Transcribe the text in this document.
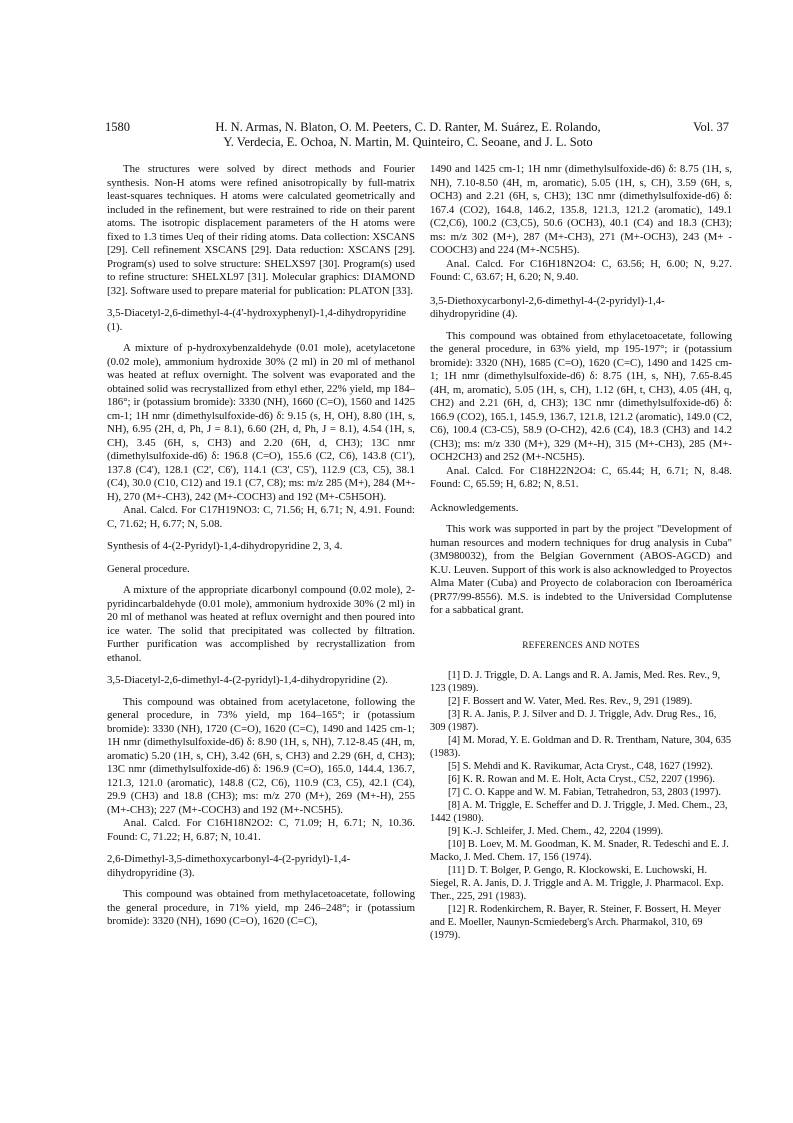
1580	H. N. Armas, N. Blaton, O. M. Peeters, C. D. Ranter, M. Suárez, E. Rolando,
Y. Verdecia, E. Ochoa, N. Martin, M. Quinteiro, C. Seoane, and J. L. Soto
Vol. 37

The structures were solved by direct methods and Fourier synthesis. Non-H atoms were refined anisotropically by full-matrix least-squares techniques. H atoms were calculated geometrically and included in the refinement, but were restrained to ride on their parent atoms. The isotropic displacement parameters of the H atoms were fixed to 1.3 times Ueq of their riding atoms. Data collection: XSCANS [29]. Cell refinement XSCANS [29]. Data reduction: XSCANS [29]. Program(s) used to solve structure: SHELXS97 [30]. Program(s) used to refine structure: SHELXL97 [31]. Molecular graphics: DIAMOND [32]. Software used to prepare material for publication: PLATON [33].

3,5-Diacetyl-2,6-dimethyl-4-(4'-hydroxyphenyl)-1,4-dihydropyridine (1).

A mixture of p-hydroxybenzaldehyde (0.01 mole), acetylacetone (0.02 mole), ammonium hydroxide 30% (2 ml) in 20 ml of methanol was heated at reflux overnight. The solvent was evaporated and the obtained solid was recrystallized from ethyl ether, 22% yield, mp 184–186°; ir (potassium bromide): 3330 (NH), 1660 (C=O), 1560 and 1425 cm-1; 1H nmr (dimethylsulfoxide-d6) δ: 9.15 (s, H, OH), 8.80 (1H, s, NH), 6.95 (2H, d, Ph, J = 8.1), 6.60 (2H, d, Ph, J = 8.1), 4.54 (1H, s, CH), 3.45 (6H, s, CH3) and 2.20 (6H, d, CH3); 13C nmr (dimethylsulfoxide-d6) δ: 196.8 (C=O), 155.6 (C2, C6), 143.8 (C1'), 137.8 (C4'), 128.1 (C2', C6'), 114.1 (C3', C5'), 112.9 (C3, C5), 38.1 (C4), 30.0 (C10, C12) and 19.1 (C7, C8); ms: m/z 285 (M+), 284 (M+-H), 270 (M+-CH3), 242 (M+-COCH3) and 192 (M+-C5H5OH).

Anal. Calcd. For C17H19NO3: C, 71.56; H, 6.71; N, 4.91. Found: C, 71.62; H, 6.77; N, 5.08.

Synthesis of 4-(2-Pyridyl)-1,4-dihydropyridine 2, 3, 4.

General procedure.

A mixture of the appropriate dicarbonyl compound (0.02 mole), 2-pyridincarbaldehyde (0.01 mole), ammonium hydroxide 30% (2 ml) in 20 ml of methanol was heated at reflux overnight and then poured into ice water. The solid that precipitated was collected by filtration. Further purification was accomplished by recrystallization from ethanol.

3,5-Diacetyl-2,6-dimethyl-4-(2-pyridyl)-1,4-dihydropyridine (2).

This compound was obtained from acetylacetone, following the general procedure, in 73% yield, mp 164–165°; ir (potassium bromide): 3330 (NH), 1720 (C=O), 1620 (C=C), 1490 and 1425 cm-1; 1H nmr (dimethylsulfoxide-d6) δ: 8.90 (1H, s, NH), 7.12-8.45 (4H, m, aromatic) 5.20 (1H, s, CH), 3.42 (6H, s, CH3) and 2.29 (6H, d, CH3); 13C nmr (dimethylsulfoxide-d6) δ: 196.9 (C=O), 165.0, 144.4, 136.7, 121.3, 121.0 (aromatic), 148.8 (C2, C6), 110.9 (C3, C5), 42.1 (C4), 29.9 (CH3) and 18.8 (CH3); ms: m/z 270 (M+), 269 (M+-H), 255 (M+-CH3); 227 (M+-COCH3) and 192 (M+-NC5H5).

Anal. Calcd. For C16H18N2O2: C, 71.09; H, 6.71; N, 10.36. Found: C, 71.22; H, 6.87; N, 10.41.

2,6-Dimethyl-3,5-dimethoxycarbonyl-4-(2-pyridyl)-1,4-dihydropyridine (3).

This compound was obtained from methylacetoacetate, following the general procedure, in 71% yield, mp 246–248°; ir (potassium bromide): 3320 (NH), 1690 (C=O), 1620 (C=C),

1490 and 1425 cm-1; 1H nmr (dimethylsulfoxide-d6) δ: 8.75 (1H, s, NH), 7.10-8.50 (4H, m, aromatic), 5.05 (1H, s, CH), 3.59 (6H, s, OCH3) and 2.21 (6H, s, CH3); 13C nmr (dimethylsulfoxide-d6) δ: 167.4 (CO2), 164.8, 146.2, 135.8, 121.3, 121.2 (aromatic), 149.1 (C2,C6), 100.2 (C3,C5), 50.6 (OCH3), 40.1 (C4) and 18.3 (CH3); ms: m/z 302 (M+), 287 (M+-CH3), 271 (M+-OCH3), 243 (M+ - COOCH3) and 224 (M+-NC5H5).

Anal. Calcd. For C16H18N2O4: C, 63.56; H, 6.00; N, 9.27. Found: C, 63.67; H, 6.20; N, 9.40.

3,5-Diethoxycarbonyl-2,6-dimethyl-4-(2-pyridyl)-1,4-dihydropyridine (4).

This compound was obtained from ethylacetoacetate, following the general procedure, in 63% yield, mp 195-197°; ir (potassium bromide): 3320 (NH), 1685 (C=O), 1620 (C=C), 1490 and 1425 cm-1; 1H nmr (dimethylsulfoxide-d6) δ: 8.75 (1H, s, NH), 7.65-8.45 (4H, m, aromatic), 5.05 (1H, s, CH), 1.12 (6H, t, CH3), 4.05 (4H, q, CH2) and 2.21 (6H, d, CH3); 13C nmr (dimethylsulfoxide-d6) δ: 166.9 (CO2), 165.1, 145.9, 136.7, 121.8, 121.2 (aromatic), 149.0 (C2, C6), 100.4 (C3-C5), 58.9 (O-CH2), 42.6 (C4), 18.3 (CH3) and 14.2 (CH3); ms: m/z 330 (M+), 329 (M+-H), 315 (M+-CH3), 285 (M+-OCH2CH3) and 252 (M+-NC5H5).

Anal. Calcd. For C18H22N2O4: C, 65.44; H, 6.71; N, 8.48. Found: C, 65.59; H, 6.82; N, 8.51.

Acknowledgements.

This work was supported in part by the project "Development of human resources and modern techniques for drug analysis in Cuba" (3M980032), from the Belgian Government (ABOS-AGCD) and K.U. Leuven. Support of this work is also acknowledged to Proyectos Alma Mater (Cuba) and Proyecto de colaboracion con Iberoamérica (PR77/99-8556). M.S. is indebted to the Universidad Complutense for a sabbatical grant.

REFERENCES AND NOTES

[1] D. J. Triggle, D. A. Langs and R. A. Jamis, Med. Res. Rev., 9, 123 (1989).

[2] F. Bossert and W. Vater, Med. Res. Rev., 9, 291 (1989).

[3] R. A. Janis, P. J. Silver and D. J. Triggle, Adv. Drug Res., 16, 309 (1987).

[4] M. Morad, Y. E. Goldman and D. R. Trentham, Nature, 304, 635 (1983).

[5] S. Mehdi and K. Ravikumar, Acta Cryst., C48, 1627 (1992).

[6] K. R. Rowan and M. E. Holt, Acta Cryst., C52, 2207 (1996).

[7] C. O. Kappe and W. M. Fabian, Tetrahedron, 53, 2803 (1997).

[8] A. M. Triggle, E. Scheffer and D. J. Triggle, J. Med. Chem., 23, 1442 (1980).

[9] K.-J. Schleifer, J. Med. Chem., 42, 2204 (1999).

[10] B. Loev, M. M. Goodman, K. M. Snader, R. Tedeschi and E. J. Macko, J. Med. Chem. 17, 156 (1974).

[11] D. T. Bolger, P. Gengo, R. Klockowski, E. Luchowski, H. Siegel, R. A. Janis, D. J. Triggle and A. M. Triggle, J. Pharmacol. Exp. Ther., 225, 291 (1983).

[12] R. Rodenkirchem, R. Bayer, R. Steiner, F. Bossert, H. Meyer and E. Moeller, Naunyn-Scmiedeberg's Arch. Pharmakol, 310, 69 (1979).
